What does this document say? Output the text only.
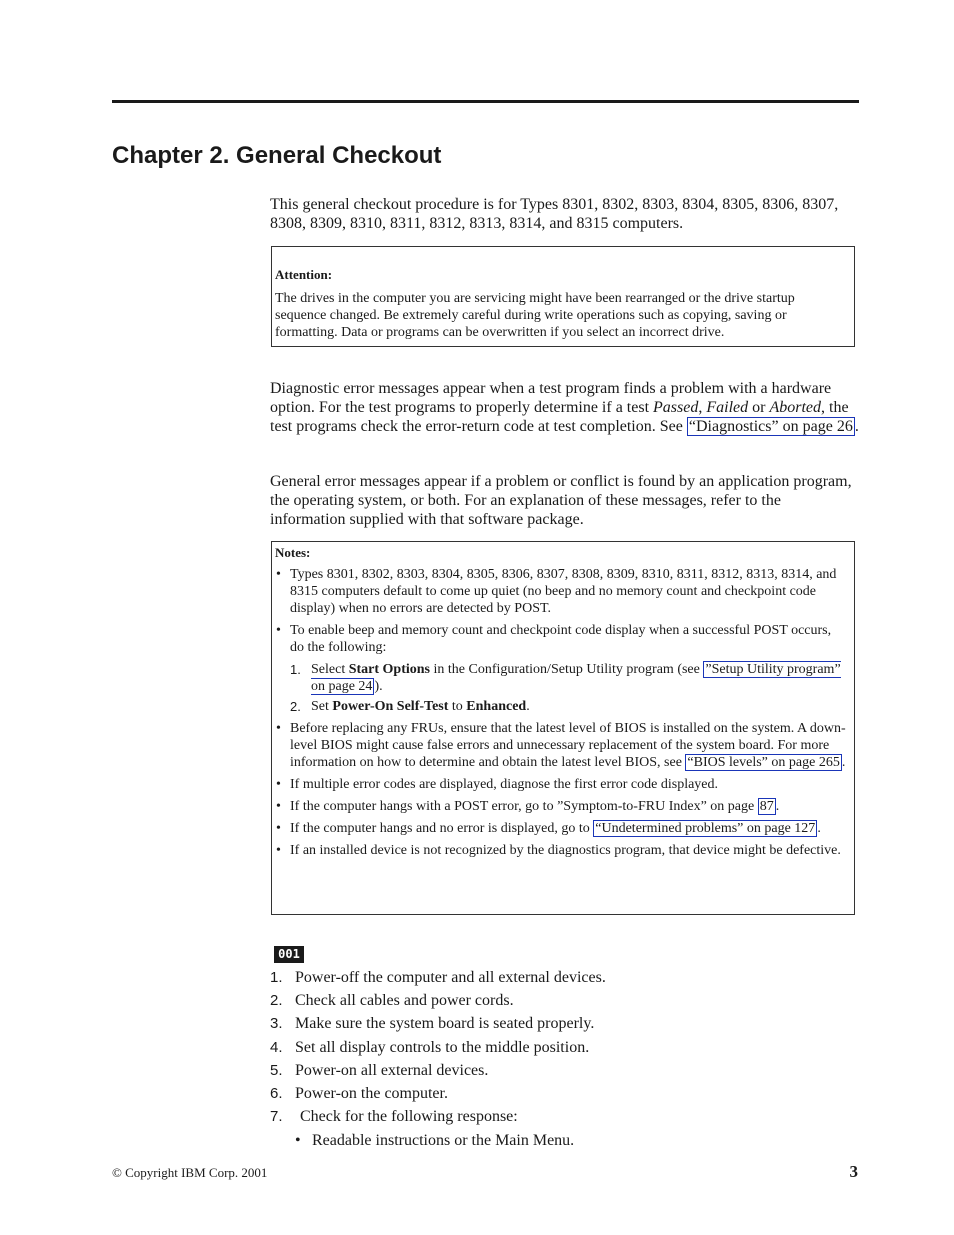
Chapter 2. General Checkout

This general checkout procedure is for Types 8301, 8302, 8303, 8304, 8305, 8306, 8307, 8308, 8309, 8310, 8311, 8312, 8313, 8314, and 8315 computers.

Attention:
The drives in the computer you are servicing might have been rearranged or the drive startup sequence changed. Be extremely careful during write operations such as copying, saving or formatting. Data or programs can be overwritten if you select an incorrect drive.

Diagnostic error messages appear when a test program finds a problem with a hardware option. For the test programs to properly determine if a test Passed, Failed or Aborted, the test programs check the error-return code at test completion. See “Diagnostics” on page 26 .

General error messages appear if a problem or conflict is found by an application program, the operating system, or both. For an explanation of these messages, refer to the information supplied with that software package.

Notes:
• Types 8301, 8302, 8303, 8304, 8305, 8306, 8307, 8308, 8309, 8310, 8311, 8312, 8313, 8314, and 8315 computers default to come up quiet (no beep and no memory count and checkpoint code display) when no errors are detected by POST.
• To enable beep and memory count and checkpoint code display when a successful POST occurs, do the following:
1. Select Start Options in the Configuration/Setup Utility program (see ”Setup Utility program” on page 24 ).
2. Set Power-On Self-Test to Enhanced.
• Before replacing any FRUs, ensure that the latest level of BIOS is installed on the system. A down-level BIOS might cause false errors and unnecessary replacement of the system board. For more information on how to determine and obtain the latest level BIOS, see “BIOS levels” on page 265 .
• If multiple error codes are displayed, diagnose the first error code displayed.
• If the computer hangs with a POST error, go to ”Symptom-to-FRU Index” on page 87 .
• If the computer hangs and no error is displayed, go to “Undetermined problems” on page 127 .
• If an installed device is not recognized by the diagnostics program, that device might be defective.
001
1. Power-off the computer and all external devices.
2. Check all cables and power cords.
3. Make sure the system board is seated properly.
4. Set all display controls to the middle position.
5. Power-on all external devices.
6. Power-on the computer.
7. Check for the following response:
• Readable instructions or the Main Menu.
© Copyright IBM Corp. 2001	3
